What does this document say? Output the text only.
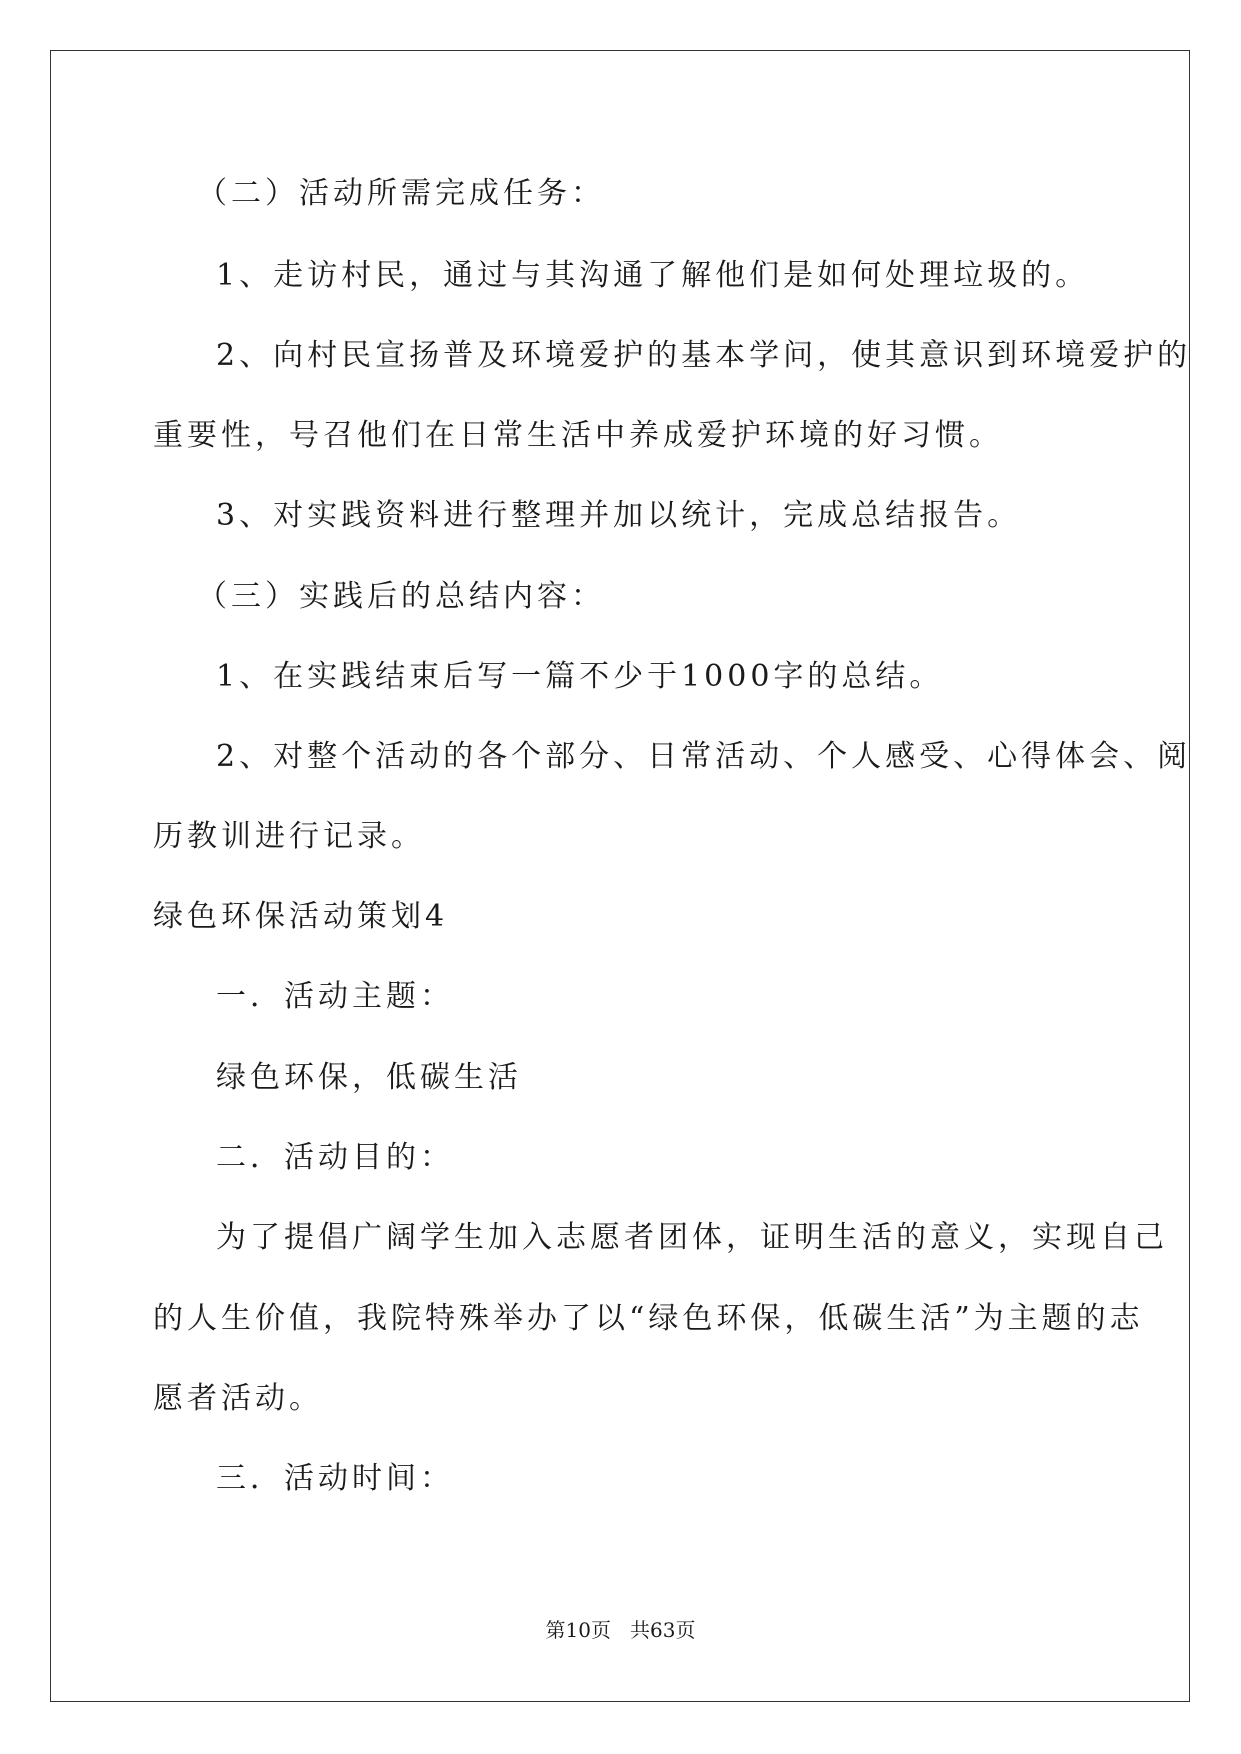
（二）活动所需完成任务：
1、走访村民，通过与其沟通了解他们是如何处理垃圾的。
2、向村民宣扬普及环境爱护的基本学问，使其意识到环境爱护的
重要性，号召他们在日常生活中养成爱护环境的好习惯。
3、对实践资料进行整理并加以统计，完成总结报告。
（三）实践后的总结内容：
1、在实践结束后写一篇不少于1000字的总结。
2、对整个活动的各个部分、日常活动、个人感受、心得体会、阅
历教训进行记录。
绿色环保活动策划4
一．活动主题：
绿色环保，低碳生活
二．活动目的：
为了提倡广阔学生加入志愿者团体，证明生活的意义，实现自己
的人生价值，我院特殊举办了以“绿色环保，低碳生活”为主题的志
愿者活动。
三．活动时间：
第10页   共63页
